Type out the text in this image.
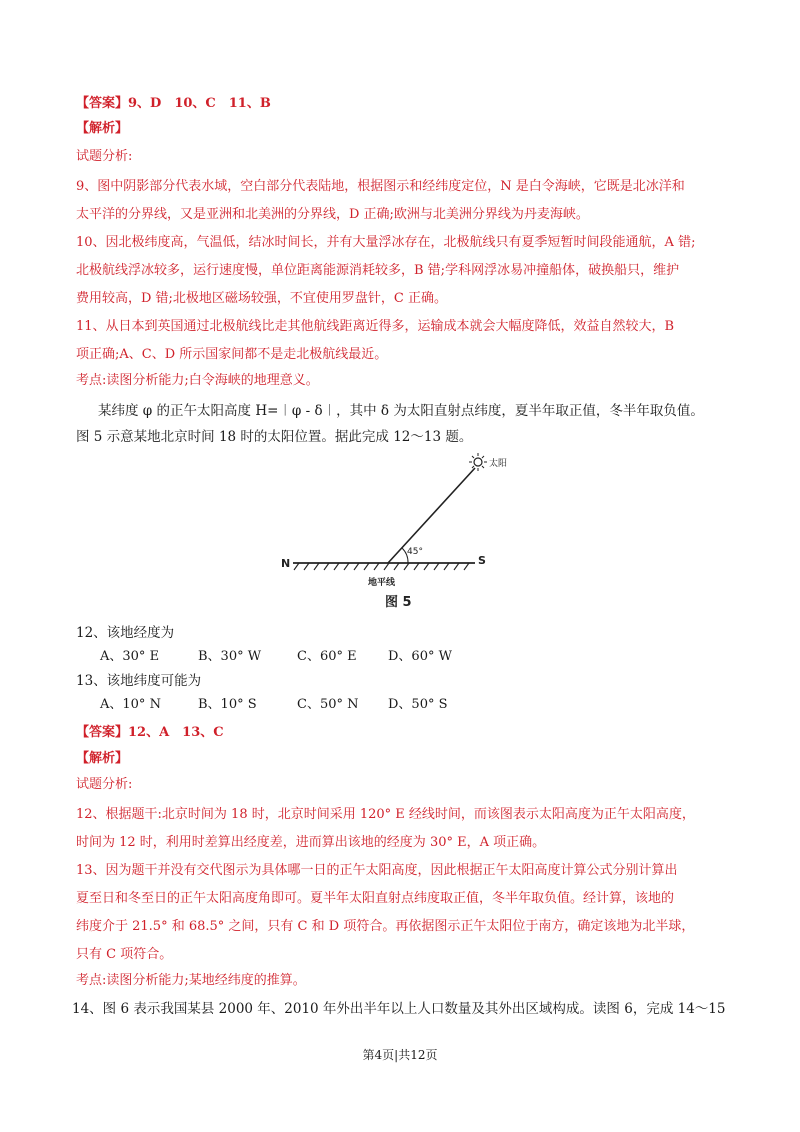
【答案】9、D　10、C　11、B
【解析】
试题分析:
9、图中阴影部分代表水域，空白部分代表陆地，根据图示和经纬度定位，N 是白令海峡，它既是北冰洋和
太平洋的分界线，又是亚洲和北美洲的分界线，D 正确;欧洲与北美洲分界线为丹麦海峡。
10、因北极纬度高，气温低，结冰时间长，并有大量浮冰存在，北极航线只有夏季短暂时间段能通航，A 错;
北极航线浮冰较多，运行速度慢，单位距离能源消耗较多，B 错;学科网浮冰易冲撞船体，破换船只，维护
费用较高，D 错;北极地区磁场较强，不宜使用罗盘针，C 正确。
11、从日本到英国通过北极航线比走其他航线距离近得多，运输成本就会大幅度降低，效益自然较大，B
项正确;A、C、D 所示国家间都不是走北极航线最近。
考点:读图分析能力;白令海峡的地理意义。
某纬度 φ 的正午太阳高度 H=︱φ - δ︱，其中 δ 为太阳直射点纬度，夏半年取正值，冬半年取负值。
图 5 示意某地北京时间 18 时的太阳位置。据此完成 12～13 题。
太阳
45°
N	S
地平线
图 5
12、该地经度为
A、30° E	B、30° W	C、60° E D、60° W
13、该地纬度可能为
A、10° N	B、10° S	C、50° N D、50° S
【答案】12、A　13、C
【解析】
试题分析:
12、根据题干:北京时间为 18 时，北京时间采用 120° E 经线时间，而该图表示太阳高度为正午太阳高度，
时间为 12 时，利用时差算出经度差，进而算出该地的经度为 30° E，A 项正确。
13、因为题干并没有交代图示为具体哪一日的正午太阳高度，因此根据正午太阳高度计算公式分别计算出
夏至日和冬至日的正午太阳高度角即可。夏半年太阳直射点纬度取正值，冬半年取负值。经计算，该地的
纬度介于 21.5° 和 68.5° 之间，只有 C 和 D 项符合。再依据图示正午太阳位于南方，确定该地为北半球，
只有 C 项符合。
考点:读图分析能力;某地经纬度的推算。
14、图 6 表示我国某县 2000 年、2010 年外出半年以上人口数量及其外出区域构成。读图 6，完成 14～15
第4页|共12页
